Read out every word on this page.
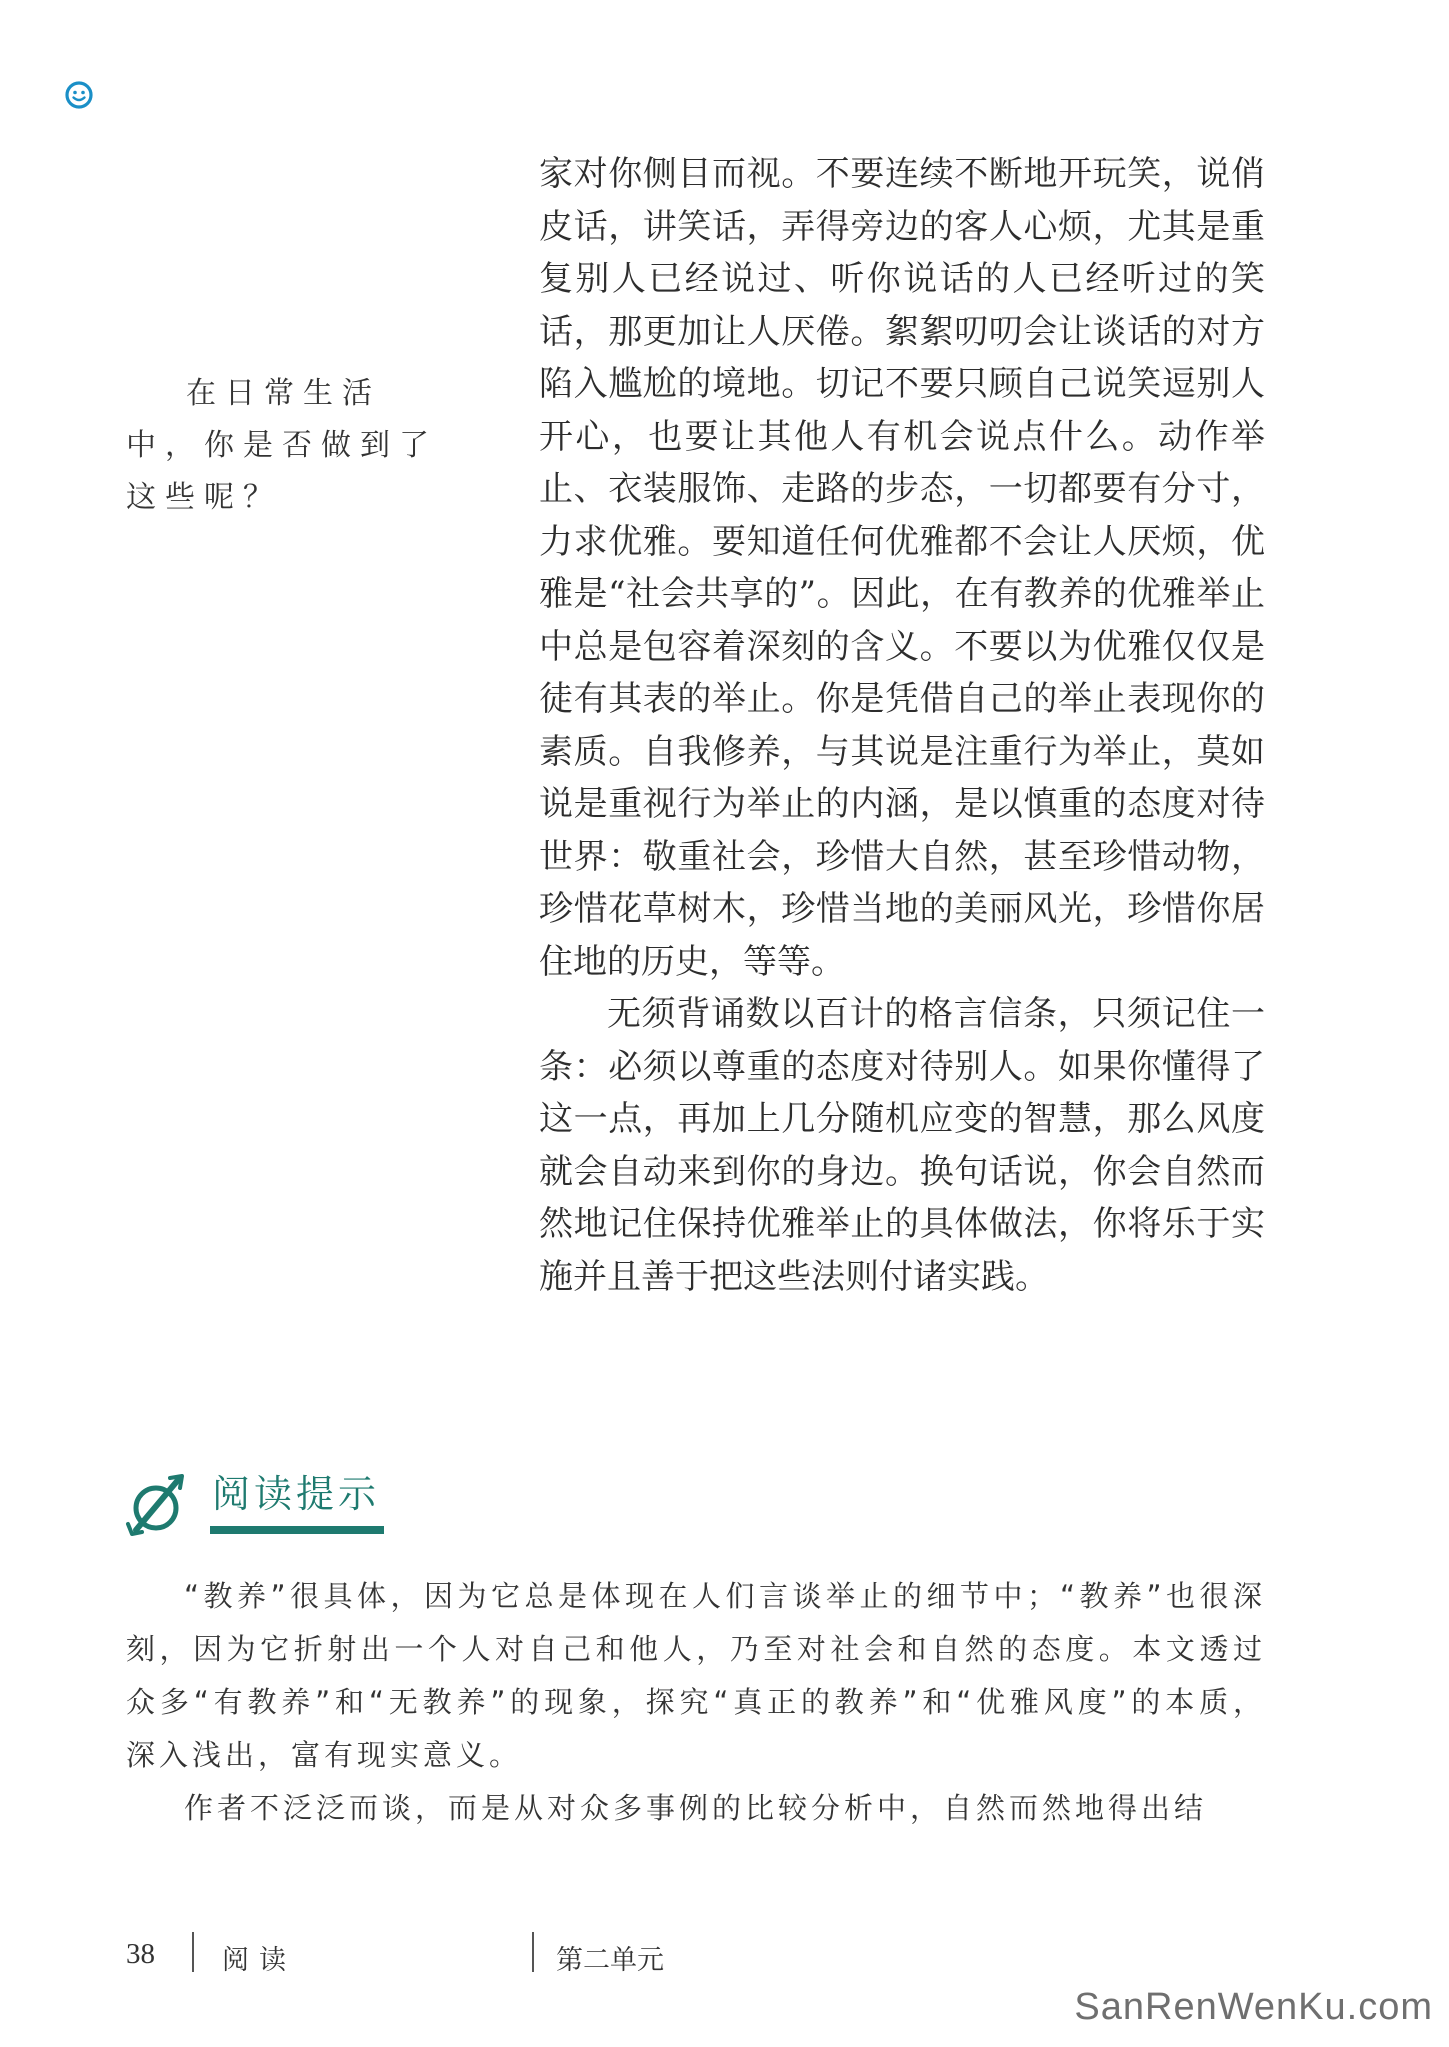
在日常生活中，你是否做到了这些呢？

家对你侧目而视。不要连续不断地开玩笑，说俏皮话，讲笑话，弄得旁边的客人心烦，尤其是重复别人已经说过、听你说话的人已经听过的笑话，那更加让人厌倦。絮絮叨叨会让谈话的对方陷入尴尬的境地。切记不要只顾自己说笑逗别人开心，也要让其他人有机会说点什么。动作举止、衣装服饰、走路的步态，一切都要有分寸，力求优雅。要知道任何优雅都不会让人厌烦，优雅是“社会共享的”。因此，在有教养的优雅举止中总是包容着深刻的含义。不要以为优雅仅仅是徒有其表的举止。你是凭借自己的举止表现你的素质。自我修养，与其说是注重行为举止，莫如说是重视行为举止的内涵，是以慎重的态度对待世界：敬重社会，珍惜大自然，甚至珍惜动物，珍惜花草树木，珍惜当地的美丽风光，珍惜你居住地的历史，等等。

无须背诵数以百计的格言信条，只须记住一条：必须以尊重的态度对待别人。如果你懂得了这一点，再加上几分随机应变的智慧，那么风度就会自动来到你的身边。换句话说，你会自然而然地记住保持优雅举止的具体做法，你将乐于实施并且善于把这些法则付诸实践。

阅读提示

“教养”很具体，因为它总是体现在人们言谈举止的细节中；“教养”也很深刻，因为它折射出一个人对自己和他人，乃至对社会和自然的态度。本文透过众多“有教养”和“无教养”的现象，探究“真正的教养”和“优雅风度”的本质，深入浅出，富有现实意义。

作者不泛泛而谈，而是从对众多事例的比较分析中，自然而然地得出结

38 阅读	第二单元
SanRenWenKu.com
